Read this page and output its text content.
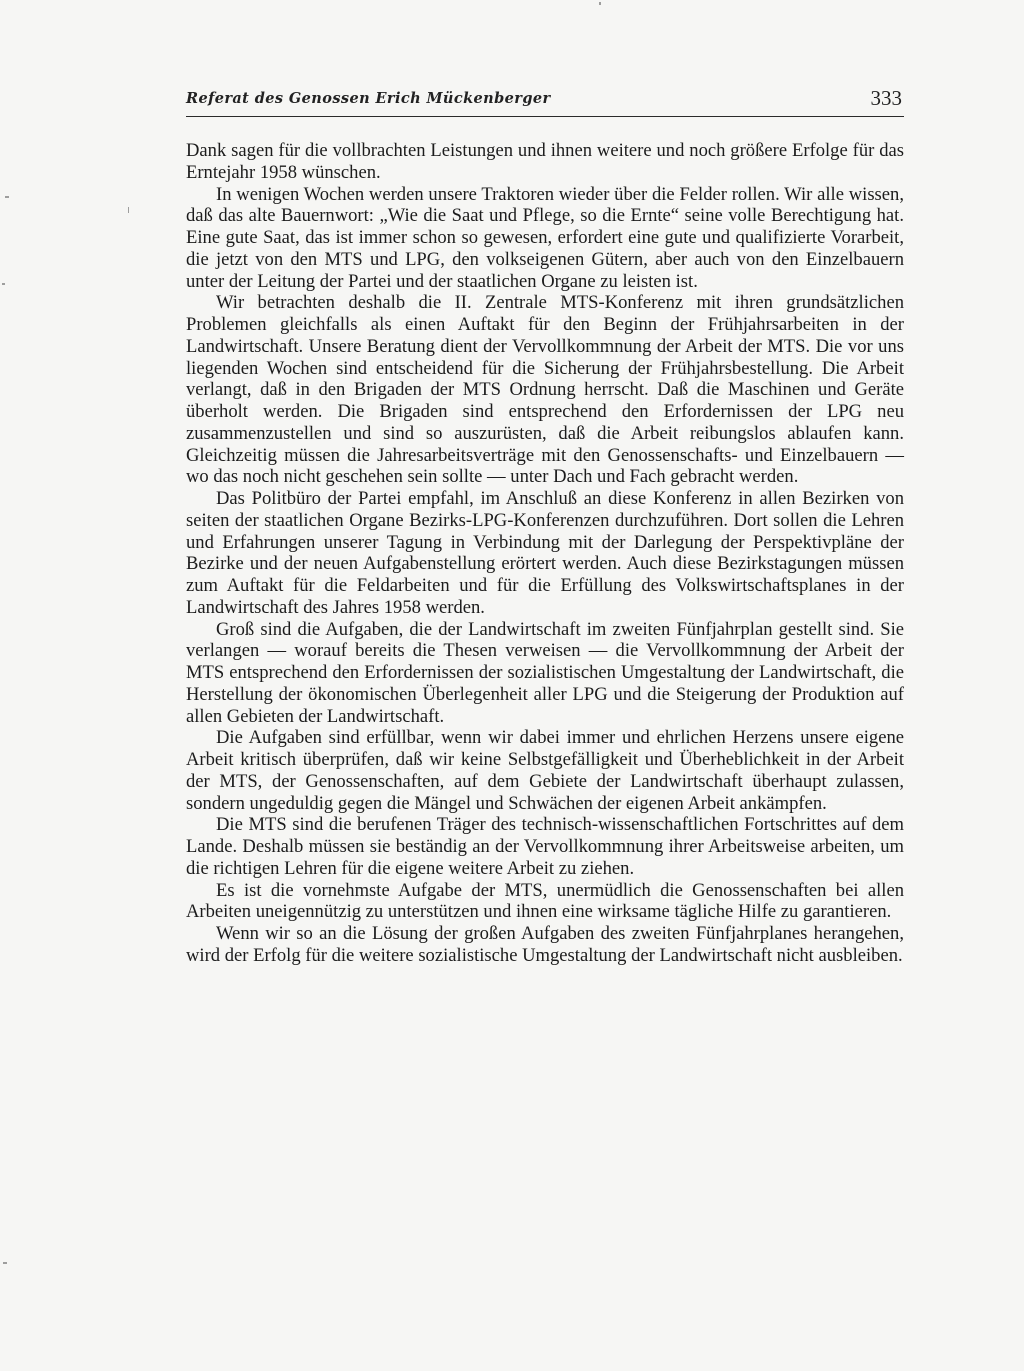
Referat des Genossen Erich Mückenberger	333

Dank sagen für die vollbrachten Leistungen und ihnen weitere und noch größere Erfolge für das Erntejahr 1958 wünschen.

In wenigen Wochen werden unsere Traktoren wieder über die Felder rollen. Wir alle wissen, daß das alte Bauernwort: „Wie die Saat und Pflege, so die Ernte“ seine volle Berechtigung hat. Eine gute Saat, das ist immer schon so gewesen, erfordert eine gute und qualifizierte Vorarbeit, die jetzt von den MTS und LPG, den volkseigenen Gütern, aber auch von den Einzelbauern unter der Leitung der Partei und der staatlichen Organe zu leisten ist.

Wir betrachten deshalb die II. Zentrale MTS-Konferenz mit ihren grundsätzlichen Problemen gleichfalls als einen Auftakt für den Beginn der Frühjahrsarbeiten in der Landwirtschaft. Unsere Beratung dient der Vervollkommnung der Arbeit der MTS. Die vor uns liegenden Wochen sind entscheidend für die Sicherung der Frühjahrsbestellung. Die Arbeit verlangt, daß in den Brigaden der MTS Ordnung herrscht. Daß die Maschinen und Geräte überholt werden. Die Brigaden sind entsprechend den Erfordernissen der LPG neu zusammenzustellen und sind so auszurüsten, daß die Arbeit reibungslos ablaufen kann. Gleichzeitig müssen die Jahresarbeitsverträge mit den Genossenschafts- und Einzelbauern — wo das noch nicht geschehen sein sollte — unter Dach und Fach gebracht werden.

Das Politbüro der Partei empfahl, im Anschluß an diese Konferenz in allen Bezirken von seiten der staatlichen Organe Bezirks-LPG-Konferenzen durchzuführen. Dort sollen die Lehren und Erfahrungen unserer Tagung in Verbindung mit der Darlegung der Perspektivpläne der Bezirke und der neuen Aufgabenstellung erörtert werden. Auch diese Bezirkstagungen müssen zum Auftakt für die Feldarbeiten und für die Erfüllung des Volkswirtschaftsplanes in der Landwirtschaft des Jahres 1958 werden.

Groß sind die Aufgaben, die der Landwirtschaft im zweiten Fünfjahrplan gestellt sind. Sie verlangen — worauf bereits die Thesen verweisen — die Vervollkommnung der Arbeit der MTS entsprechend den Erfordernissen der sozialistischen Umgestaltung der Landwirtschaft, die Herstellung der ökonomischen Überlegenheit aller LPG und die Steigerung der Produktion auf allen Gebieten der Landwirtschaft.

Die Aufgaben sind erfüllbar, wenn wir dabei immer und ehrlichen Herzens unsere eigene Arbeit kritisch überprüfen, daß wir keine Selbstgefälligkeit und Überheblichkeit in der Arbeit der MTS, der Genossenschaften, auf dem Gebiete der Landwirtschaft überhaupt zulassen, sondern ungeduldig gegen die Mängel und Schwächen der eigenen Arbeit ankämpfen.

Die MTS sind die berufenen Träger des technisch-wissenschaftlichen Fortschrittes auf dem Lande. Deshalb müssen sie beständig an der Vervollkommnung ihrer Arbeitsweise arbeiten, um die richtigen Lehren für die eigene weitere Arbeit zu ziehen.

Es ist die vornehmste Aufgabe der MTS, unermüdlich die Genossenschaften bei allen Arbeiten uneigennützig zu unterstützen und ihnen eine wirksame tägliche Hilfe zu garantieren.

Wenn wir so an die Lösung der großen Aufgaben des zweiten Fünfjahrplanes herangehen, wird der Erfolg für die weitere sozialistische Umgestaltung der Landwirtschaft nicht ausbleiben.
